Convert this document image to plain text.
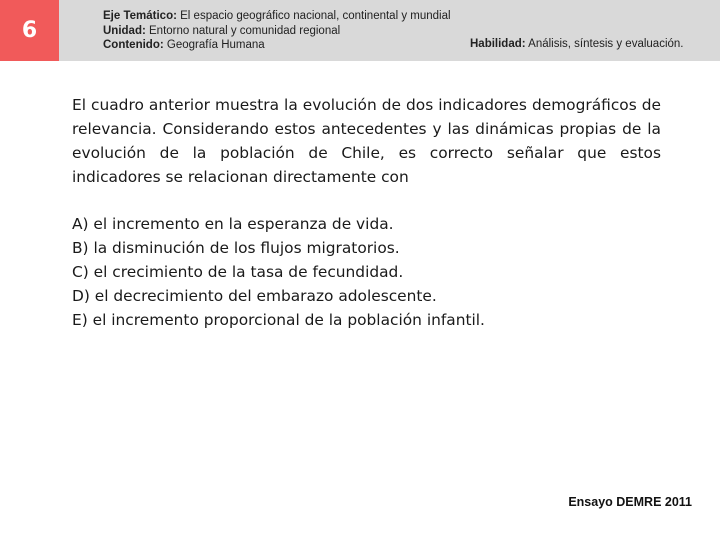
6
Eje Temático: El espacio geográfico nacional, continental y mundial
Unidad: Entorno natural y comunidad regional
Contenido: Geografía Humana	Habilidad: Análisis, síntesis y evaluación.
El cuadro anterior muestra la evolución de dos indicadores demográficos de relevancia. Considerando estos antecedentes y las dinámicas propias de la evolución de la población de Chile, es correcto señalar que estos indicadores se relacionan directamente con
A) el incremento en la esperanza de vida.
B) la disminución de los flujos migratorios.
C) el crecimiento de la tasa de fecundidad.
D) el decrecimiento del embarazo adolescente.
E) el incremento proporcional de la población infantil.
Ensayo DEMRE 2011
